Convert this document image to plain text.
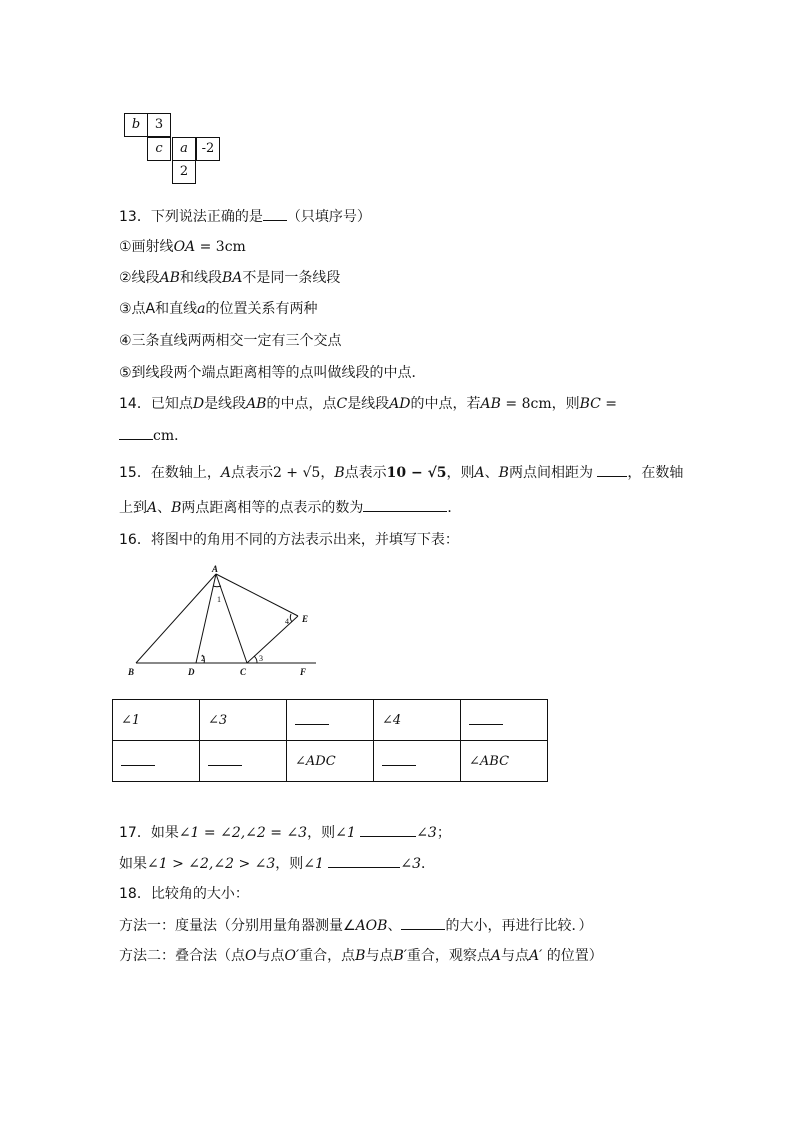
b	3
c	a	-2
2
13．下列说法正确的是 （只填序号）
①画射线OA = 3cm
②线段AB和线段BA不是同一条线段
③点A和直线a的位置关系有两种
④三条直线两两相交一定有三个交点
⑤到线段两个端点距离相等的点叫做线段的中点．
14．已知点D是线段AB的中点，点C是线段AD的中点，若AB = 8cm，则BC =
cm．
15．在数轴上，A点表示2 + √5，B点表示10 − √5，则A、B两点间相距为 ，在数轴
上到A、B两点距离相等的点表示的数为	．
16．将图中的角用不同的方法表示出来，并填写下表：
A
B	D	C	F
E
1
2	3
4
∠1	∠3		∠4	
		∠ADC		∠ABC
17．如果∠1 = ∠2,∠2 = ∠3，则∠1	∠3；
如果∠1 > ∠2,∠2 > ∠3，则∠1	∠3．
18．比较角的大小：
方法一：度量法（分别用量角器测量∠AOB、	的大小，再进行比较．）
方法二：叠合法（点O与点O′重合，点B与点B′重合，观察点A与点A′ 的位置）
